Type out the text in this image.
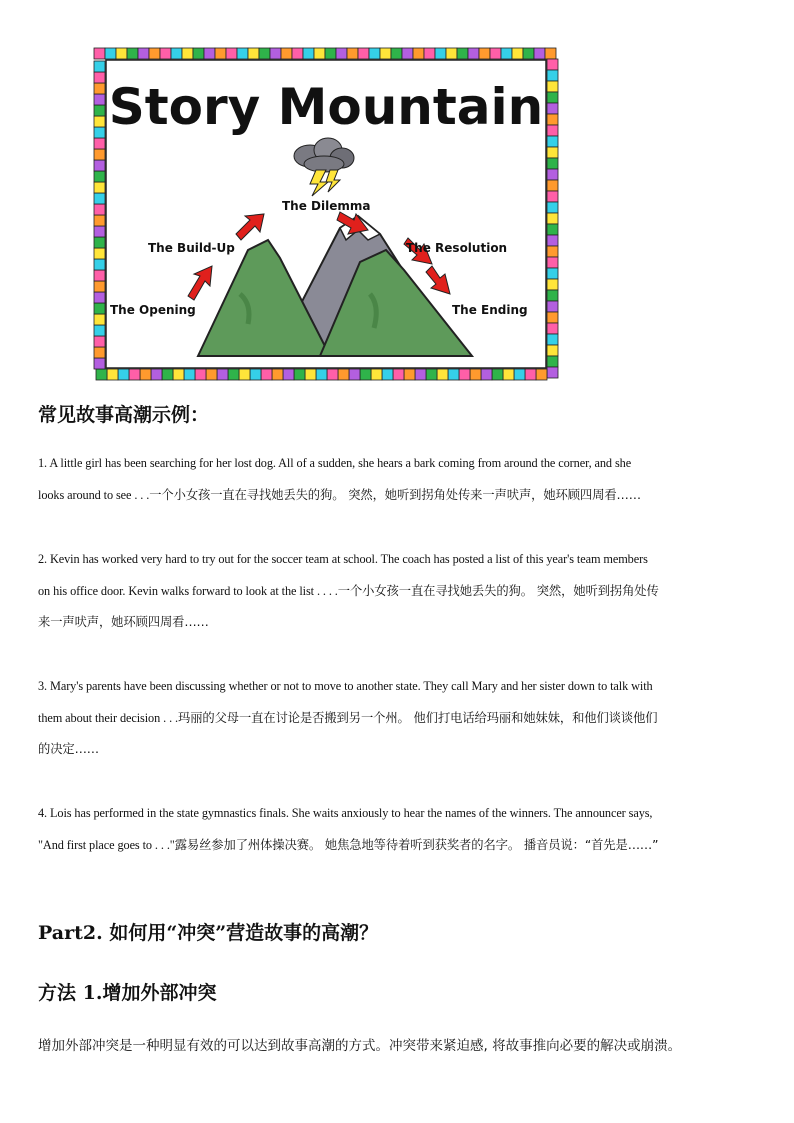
Story Mountain
The Opening
The Build-Up
The Dilemma
The Resolution
The Ending
常见故事高潮示例：

1. A little girl has been searching for her lost dog. All of a sudden, she hears a bark coming from around the corner, and she
looks around to see . . .一个小女孩一直在寻找她丢失的狗。 突然，她听到拐角处传来一声吠声，她环顾四周看……

2. Kevin has worked very hard to try out for the soccer team at school. The coach has posted a list of this year's team members
on his office door. Kevin walks forward to look at the list . . . .一个小女孩一直在寻找她丢失的狗。 突然，她听到拐角处传
来一声吠声，她环顾四周看……

3. Mary's parents have been discussing whether or not to move to another state. They call Mary and her sister down to talk with
them about their decision . . .玛丽的父母一直在讨论是否搬到另一个州。 他们打电话给玛丽和她妹妹，和他们谈谈他们
的决定……

4. Lois has performed in the state gymnastics finals. She waits anxiously to hear the names of the winners. The announcer says,
"And first place goes to . . ."露易丝参加了州体操决赛。 她焦急地等待着听到获奖者的名字。 播音员说：“首先是……”

Part2. 如何用“冲突”营造故事的高潮？
方法 1.增加外部冲突

增加外部冲突是一种明显有效的可以达到故事高潮的方式。冲突带来紧迫感, 将故事推向必要的解决或崩溃。
